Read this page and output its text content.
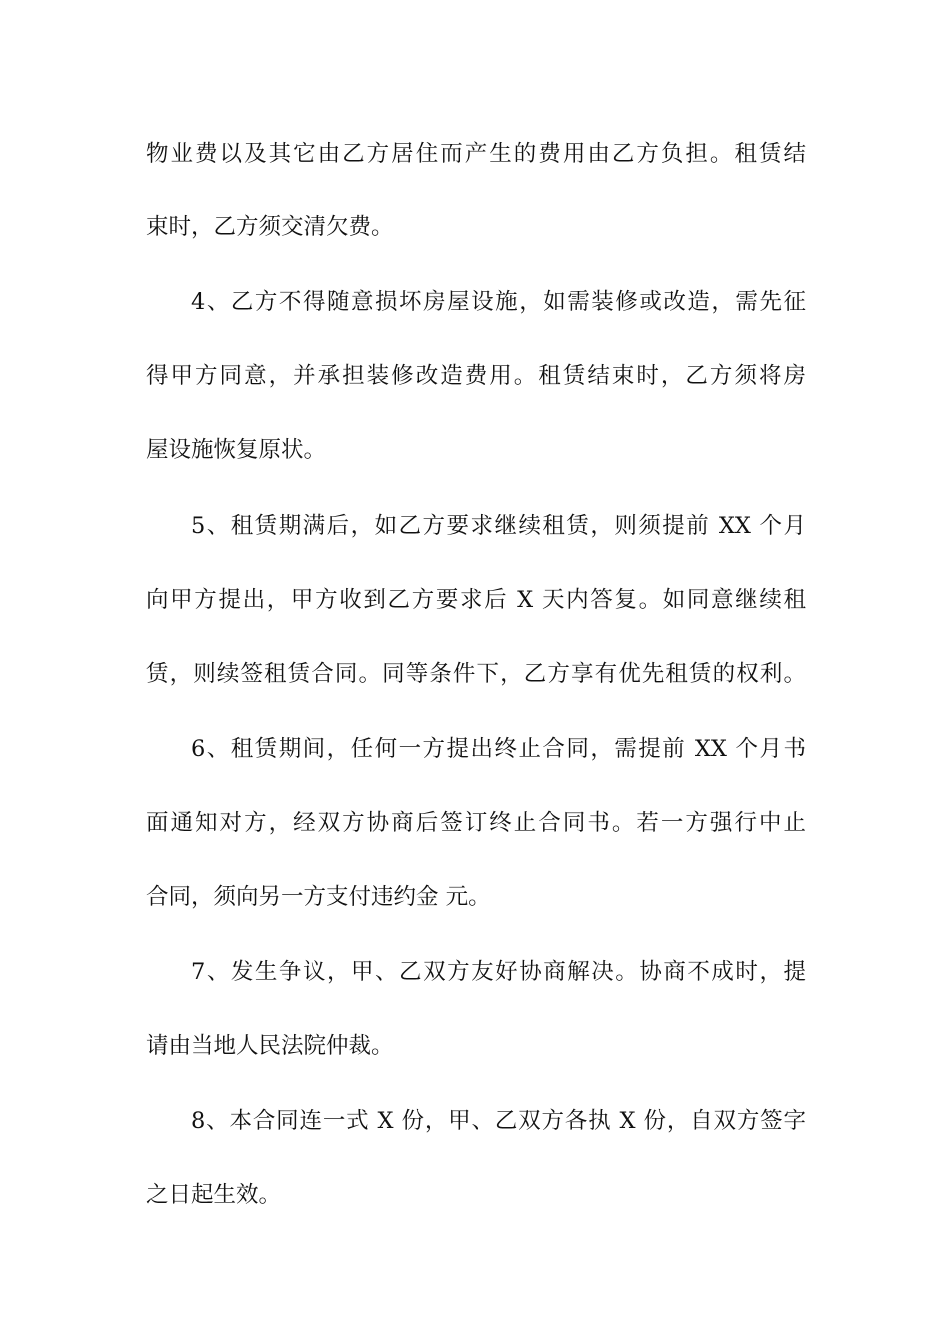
物业费以及其它由乙方居住而产生的费用由乙方负担。租赁结
束时，乙方须交清欠费。
4、乙方不得随意损坏房屋设施，如需装修或改造，需先征
得甲方同意，并承担装修改造费用。租赁结束时，乙方须将房
屋设施恢复原状。
5、租赁期满后，如乙方要求继续租赁，则须提前 XX 个月
向甲方提出，甲方收到乙方要求后 X 天内答复。如同意继续租
赁，则续签租赁合同。同等条件下，乙方享有优先租赁的权利。
6、租赁期间，任何一方提出终止合同，需提前 XX 个月书
面通知对方，经双方协商后签订终止合同书。若一方强行中止
合同，须向另一方支付违约金 元。
7、发生争议，甲、乙双方友好协商解决。协商不成时，提
请由当地人民法院仲裁。
8、本合同连一式 X 份，甲、乙双方各执 X 份，自双方签字
之日起生效。
